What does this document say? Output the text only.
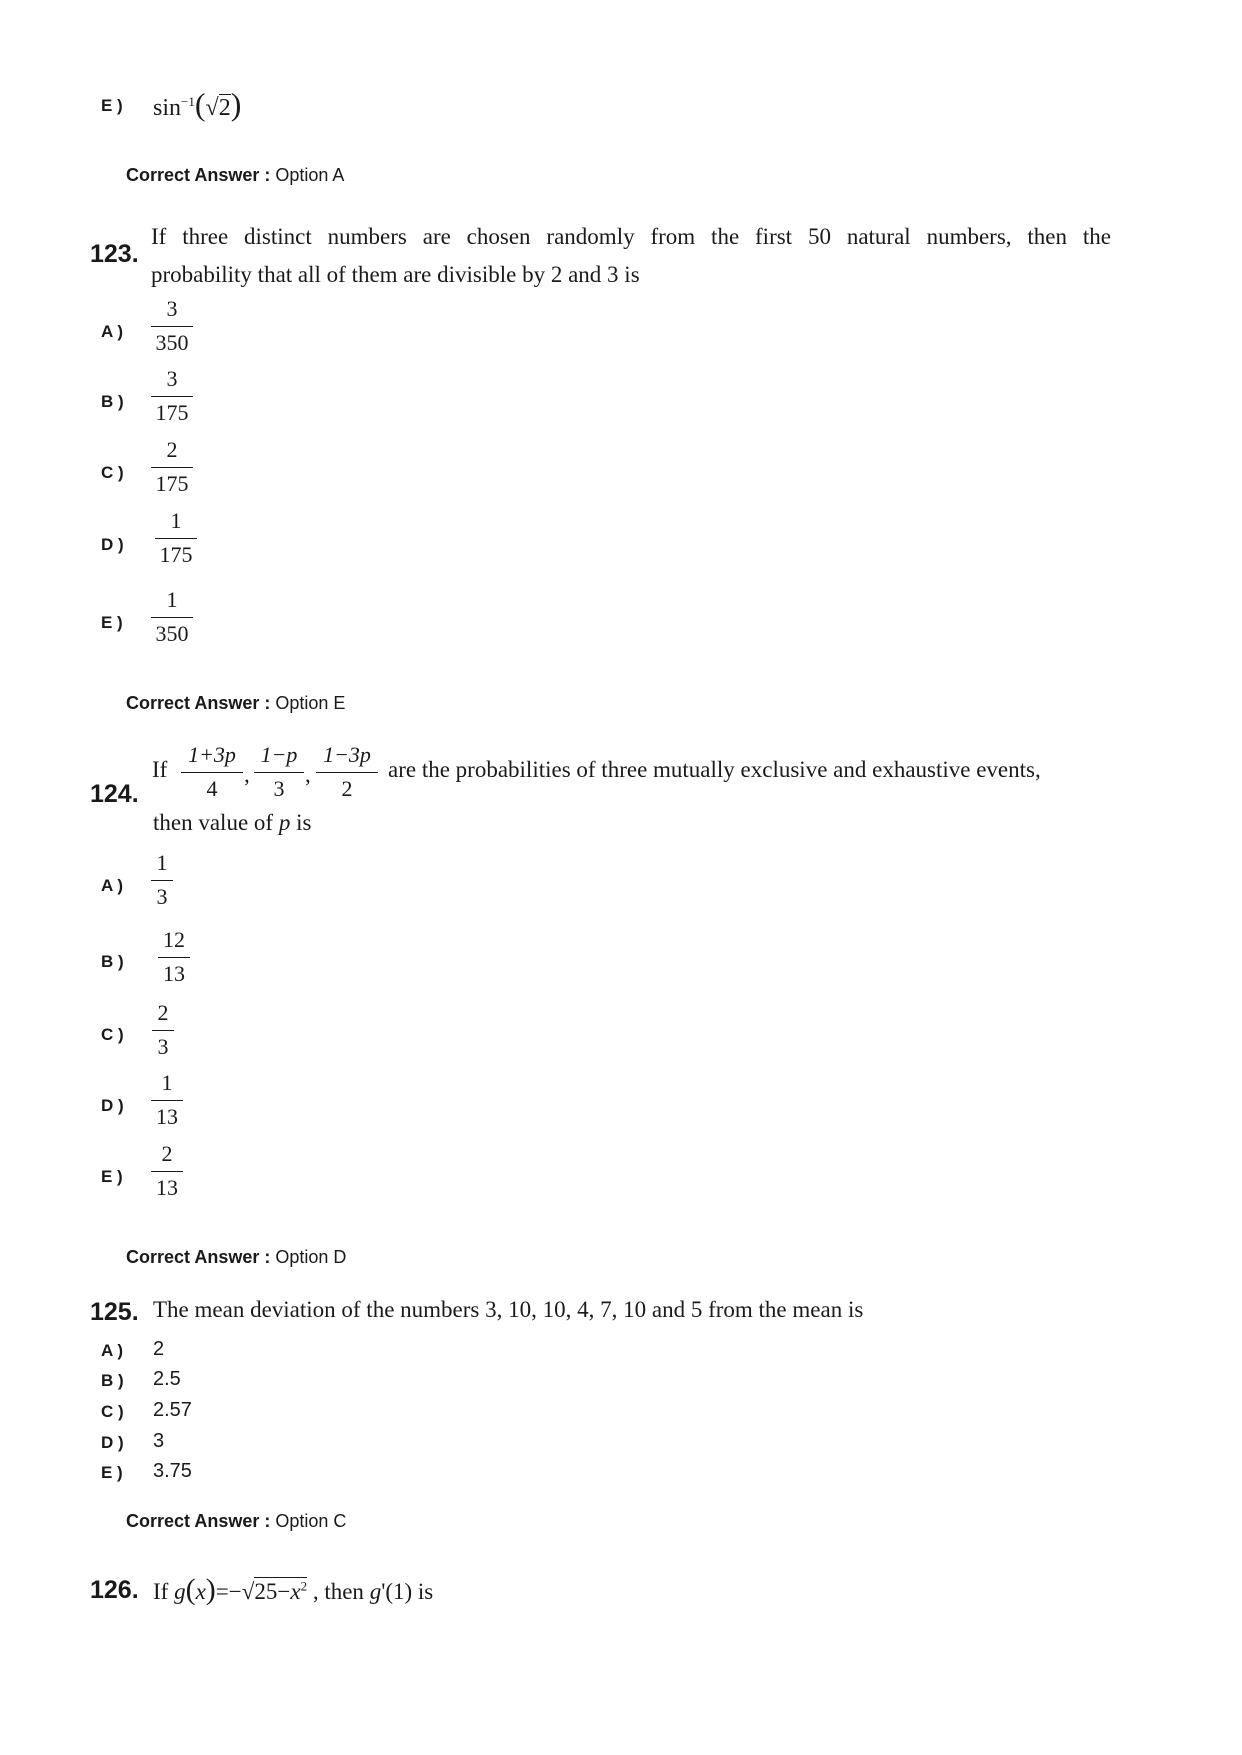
E ) $\sin^{-1}(√2)$
Correct Answer : Option A
123.
If three distinct numbers are chosen randomly from the first 50 natural numbers, then the
probability that all of them are divisible by 2 and 3 is
A )
3
350
B )
3
175
C )
2
175
D )
1
175
E )
1
350
Correct Answer : Option E
124.
If
1+3p
4
,
1−p
3
,
1−3p
2
are the probabilities of three mutually exclusive and exhaustive events,
then value of p is
A )
1
3
B )
12
13
C )
2
3
D )
1
13
E )
2
13
Correct Answer : Option D
125. The mean deviation of the numbers 3, 10, 10, 4, 7, 10 and 5 from the mean is
A ) 2
B ) 2.5
C ) 2.57
D ) 3
E ) 3.75
Correct Answer : Option C
126. If $g(x)=-√25-x^2$ , then g'(1) is
